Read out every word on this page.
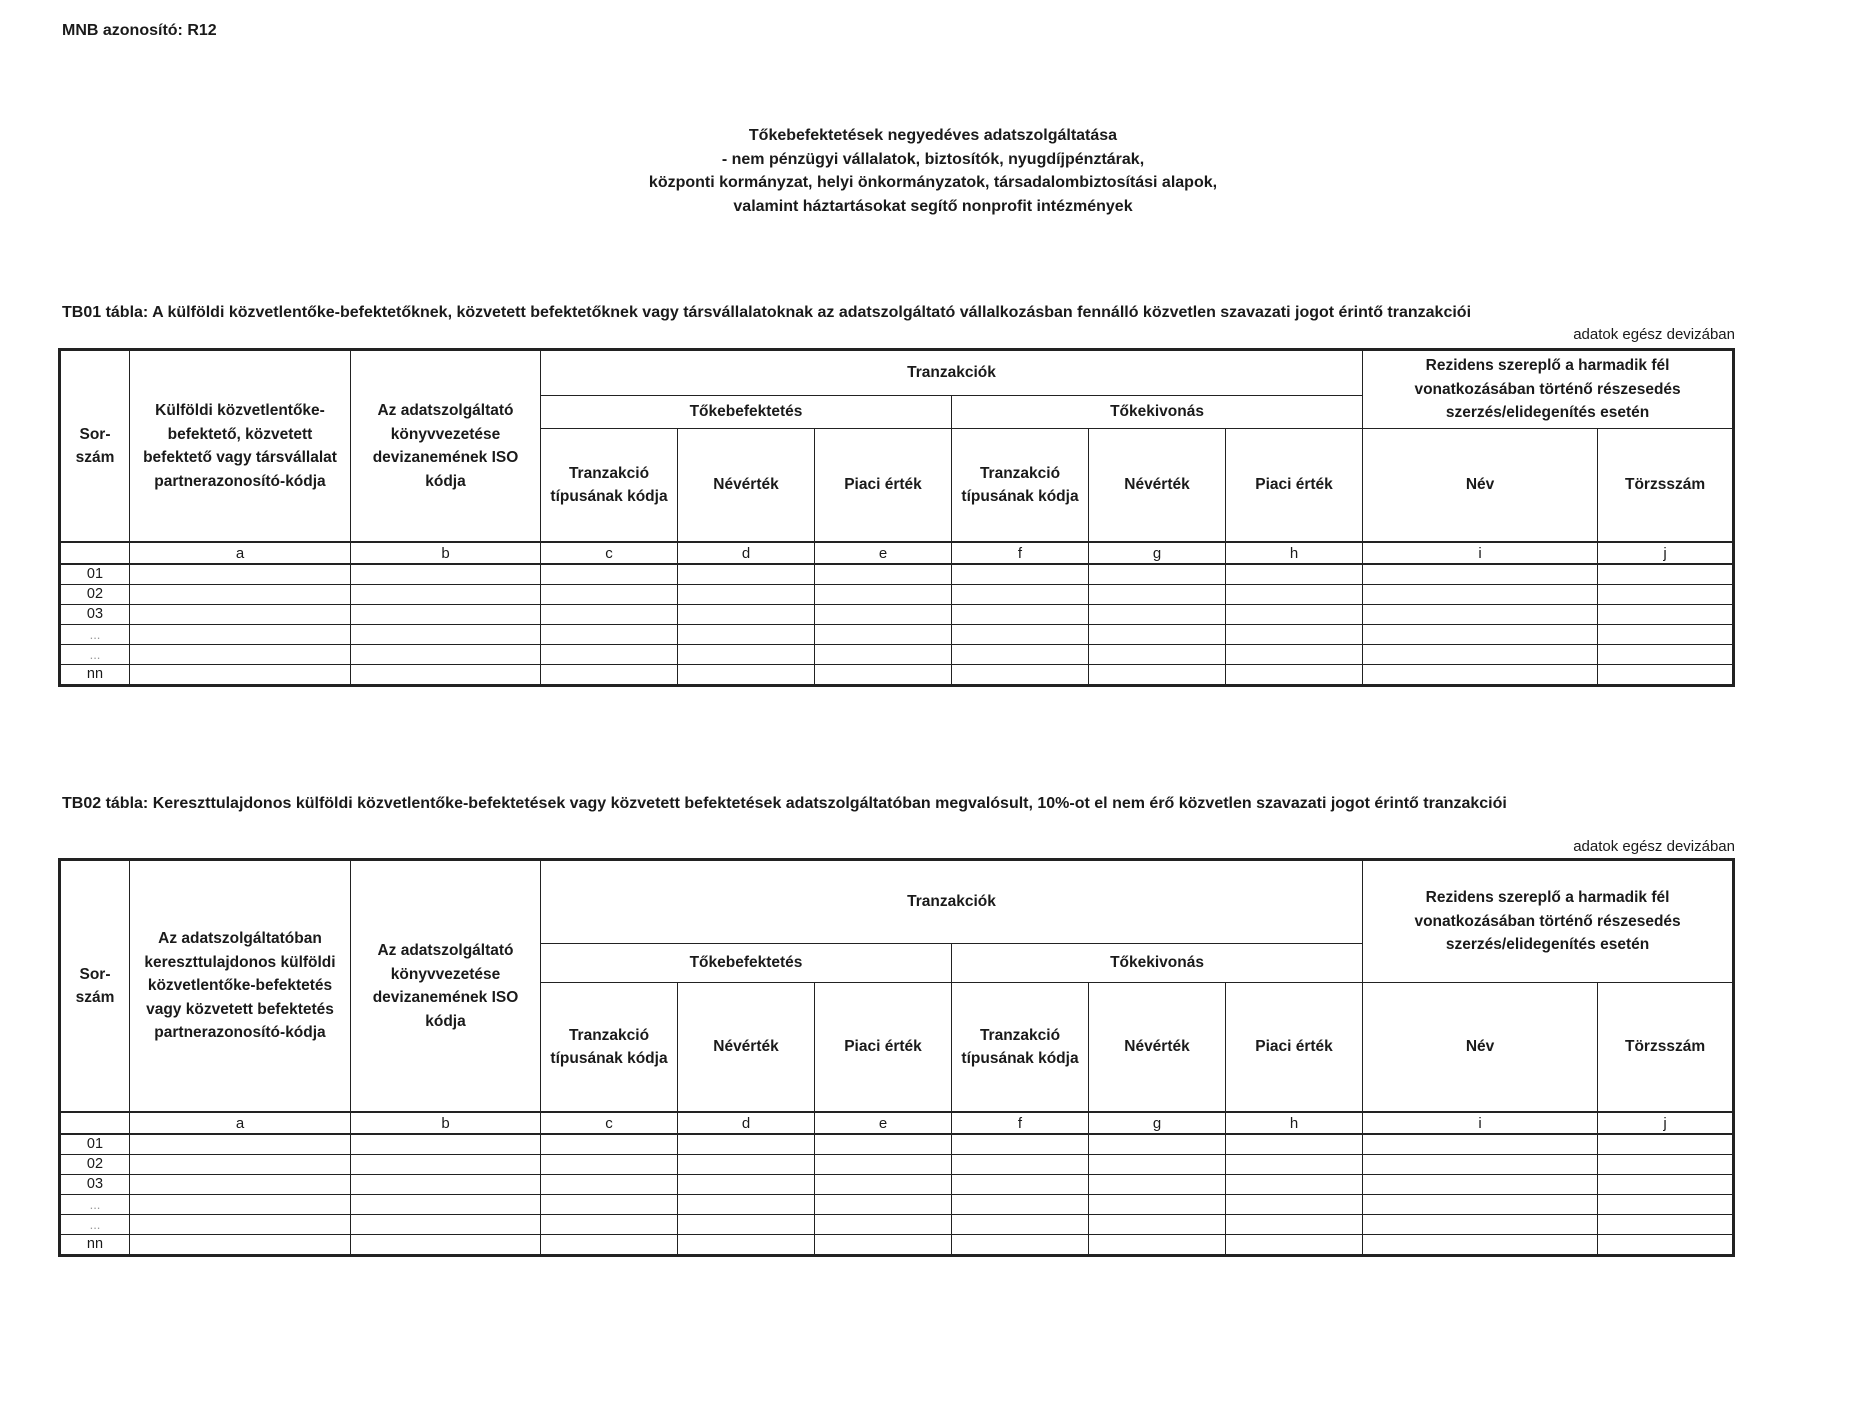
MNB azonosító: R12
Tőkebefektetések negyedéves adatszolgáltatása
- nem pénzügyi vállalatok, biztosítók, nyugdíjpénztárak,
központi kormányzat, helyi önkormányzatok, társadalombiztosítási alapok,
valamint háztartásokat segítő nonprofit intézmények
TB01 tábla: A külföldi közvetlentőke-befektetőknek, közvetett befektetőknek vagy társvállalatoknak az adatszolgáltató vállalkozásban fennálló közvetlen szavazati jogot érintő tranzakciói
adatok egész devizában
Sor-
szám	Külföldi közvetlentőke-befektető, közvetett befektető vagy társvállalat partnerazonosító-kódja	Az adatszolgáltató könyvvezetése devizanemének ISO kódja	Tranzakciók						Rezidens szereplő a harmadik fél vonatkozásában történő részesedés szerzés/elidegenítés esetén	
			Tőkebefektetés			Tőkekivonás				
			Tranzakció típusának kódja	Névérték	Piaci érték	Tranzakció típusának kódja	Névérték	Piaci érték	Név	Törzsszám
	a	b	c	d	e	f	g	h	i	j
01										
02										
03										
...										
...										
nn										
TB02 tábla: Kereszttulajdonos külföldi közvetlentőke-befektetések vagy közvetett befektetések adatszolgáltatóban megvalósult, 10%-ot el nem érő közvetlen szavazati jogot érintő tranzakciói
adatok egész devizában
Sor-
szám	Az adatszolgáltatóban kereszttulajdonos külföldi közvetlentőke-befektetés vagy közvetett befektetés partnerazonosító-kódja	Az adatszolgáltató könyvvezetése devizanemének ISO kódja	Tranzakciók						Rezidens szereplő a harmadik fél vonatkozásában történő részesedés szerzés/elidegenítés esetén	
			Tőkebefektetés			Tőkekivonás				
			Tranzakció típusának kódja	Névérték	Piaci érték	Tranzakció típusának kódja	Névérték	Piaci érték	Név	Törzsszám
	a	b	c	d	e	f	g	h	i	j
01										
02										
03										
...										
...										
nn										
